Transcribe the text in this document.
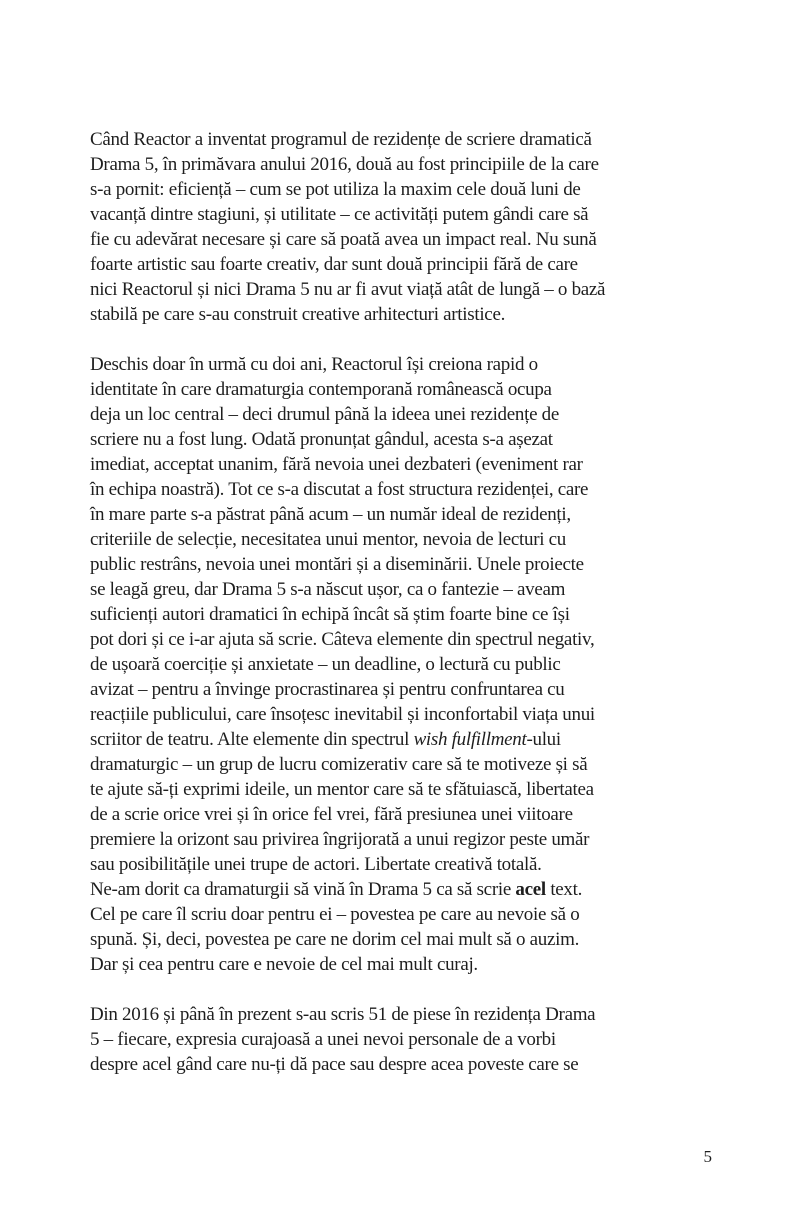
Când Reactor a inventat programul de rezidențe de scriere dramatică
Drama 5, în primăvara anului 2016, două au fost principiile de la care
s-a pornit: eficiență – cum se pot utiliza la maxim cele două luni de
vacanță dintre stagiuni, și utilitate – ce activități putem gândi care să
fie cu adevărat necesare și care să poată avea un impact real. Nu sună
foarte artistic sau foarte creativ, dar sunt două principii fără de care
nici Reactorul și nici Drama 5 nu ar fi avut viață atât de lungă – o bază
stabilă pe care s-au construit creative arhitecturi artistice.
Deschis doar în urmă cu doi ani, Reactorul își creiona rapid o
identitate în care dramaturgia contemporană românească ocupa
deja un loc central – deci drumul până la ideea unei rezidențe de
scriere nu a fost lung. Odată pronunțat gândul, acesta s-a așezat
imediat, acceptat unanim, fără nevoia unei dezbateri (eveniment rar
în echipa noastră). Tot ce s-a discutat a fost structura rezidenței, care
în mare parte s-a păstrat până acum – un număr ideal de rezidenți,
criteriile de selecție, necesitatea unui mentor, nevoia de lecturi cu
public restrâns, nevoia unei montări și a diseminării. Unele proiecte
se leagă greu, dar Drama 5 s-a născut ușor, ca o fantezie – aveam
suficienți autori dramatici în echipă încât să știm foarte bine ce își
pot dori și ce i-ar ajuta să scrie. Câteva elemente din spectrul negativ,
de ușoară coerciție și anxietate – un deadline, o lectură cu public
avizat – pentru a învinge procrastinarea și pentru confruntarea cu
reacțiile publicului, care însoțesc inevitabil și inconfortabil viața unui
scriitor de teatru. Alte elemente din spectrul wish fulfillment-ului
dramaturgic – un grup de lucru comizerativ care să te motiveze și să
te ajute să-ți exprimi ideile, un mentor care să te sfătuiască, libertatea
de a scrie orice vrei și în orice fel vrei, fără presiunea unei viitoare
premiere la orizont sau privirea îngrijorată a unui regizor peste umăr
sau posibilitățile unei trupe de actori. Libertate creativă totală.
Ne-am dorit ca dramaturgii să vină în Drama 5 ca să scrie acel text.
Cel pe care îl scriu doar pentru ei – povestea pe care au nevoie să o
spună. Și, deci, povestea pe care ne dorim cel mai mult să o auzim.
Dar și cea pentru care e nevoie de cel mai mult curaj.
Din 2016 și până în prezent s-au scris 51 de piese în rezidența Drama
5 – fiecare, expresia curajoasă a unei nevoi personale de a vorbi
despre acel gând care nu-ți dă pace sau despre acea poveste care se
5
